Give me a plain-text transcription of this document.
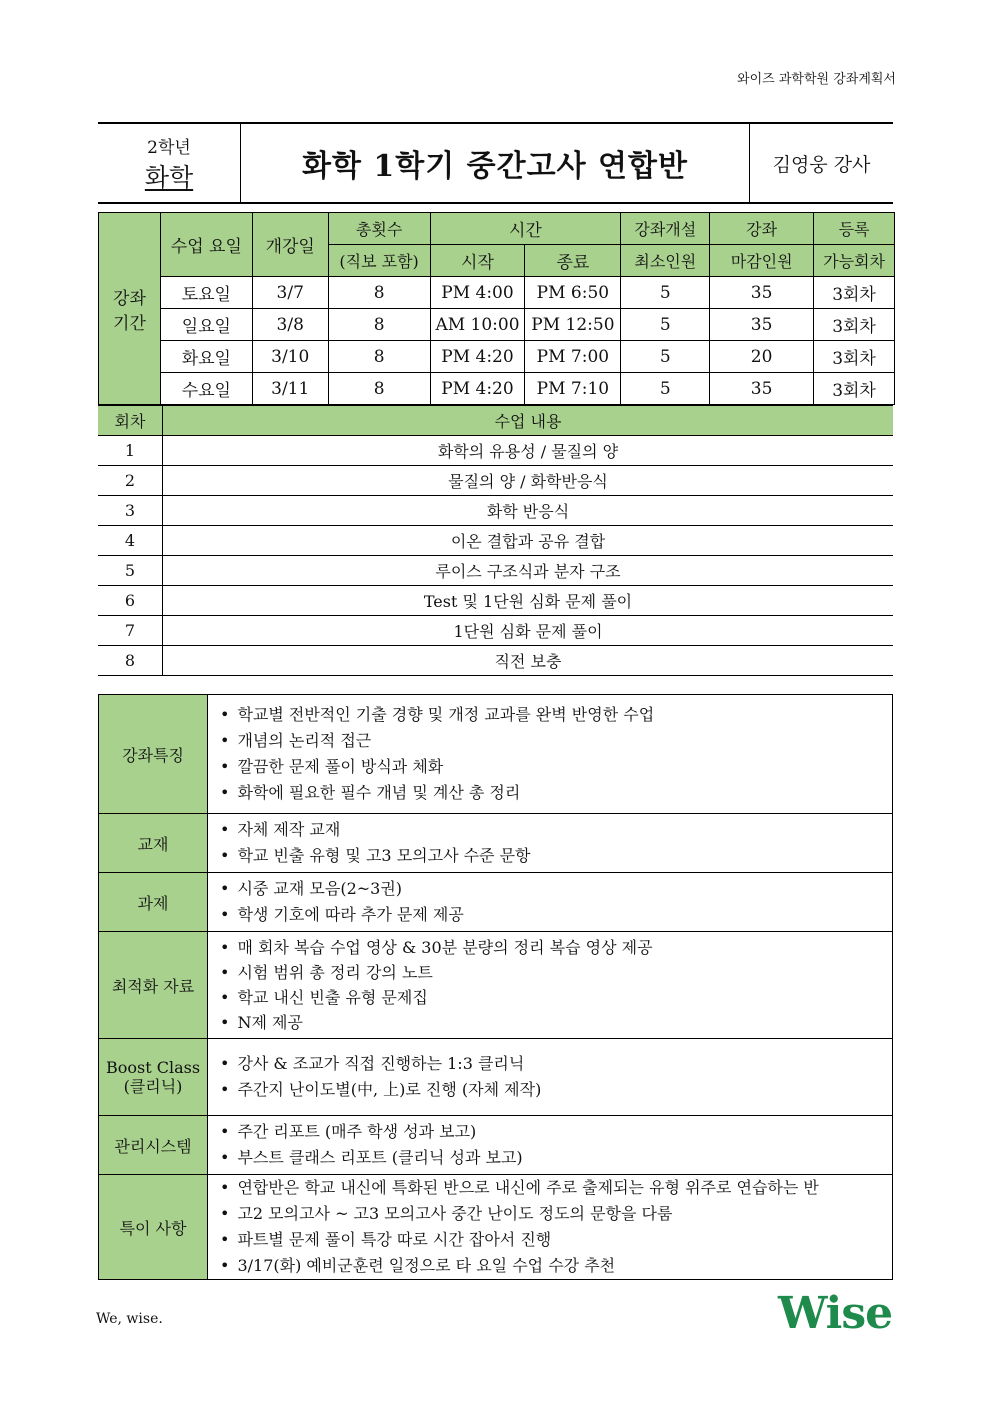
와이즈 과학학원 강좌계획서
2학년
화학	화학 1학기 중간고사 연합반	김영웅 강사
강좌
기간	수업 요일	개강일	총횟수	시간		강좌개설	강좌	등록
			(직보 포함)	시작	종료	최소인원	마감인원	가능회차
	토요일	3/7	8	PM 4:00	PM 6:50	5	35	3회차
	일요일	3/8	8	AM 10:00	PM 12:50	5	35	3회차
	화요일	3/10	8	PM 4:20	PM 7:00	5	20	3회차
	수요일	3/11	8	PM 4:20	PM 7:10	5	35	3회차
회차	수업 내용
1	화학의 유용성 / 물질의 양
2	물질의 양 / 화학반응식
3	화학 반응식
4	이온 결합과 공유 결합
5	루이스 구조식과 분자 구조
6	Test 및 1단원 심화 문제 풀이
7	1단원 심화 문제 풀이
8	직전 보충
강좌특징	• 학교별 전반적인 기출 경향 및 개정 교과를 완벽 반영한 수업
• 개념의 논리적 접근
• 깔끔한 문제 풀이 방식과 체화
• 화학에 필요한 필수 개념 및 계산 총 정리

교재	• 자체 제작 교재
• 학교 빈출 유형 및 고3 모의고사 수준 문항

과제	• 시중 교재 모음(2~3권)
• 학생 기호에 따라 추가 문제 제공

최적화 자료	• 매 회차 복습 수업 영상 & 30분 분량의 정리 복습 영상 제공
• 시험 범위 총 정리 강의 노트
• 학교 내신 빈출 유형 문제집
• N제 제공

Boost Class (클리닉)	• 강사 & 조교가 직접 진행하는 1:3 클리닉
• 주간지 난이도별(中, 上)로 진행 (자체 제작)

관리시스템	• 주간 리포트 (매주 학생 성과 보고)
• 부스트 클래스 리포트 (클리닉 성과 보고)

특이 사항	• 연합반은 학교 내신에 특화된 반으로 내신에 주로 출제되는 유형 위주로 연습하는 반
• 고2 모의고사 ~ 고3 모의고사 중간 난이도 정도의 문항을 다룸
• 파트별 문제 풀이 특강 따로 시간 잡아서 진행
• 3/17(화) 예비군훈련 일정으로 타 요일 수업 수강 추천
We, wise.	Wise
